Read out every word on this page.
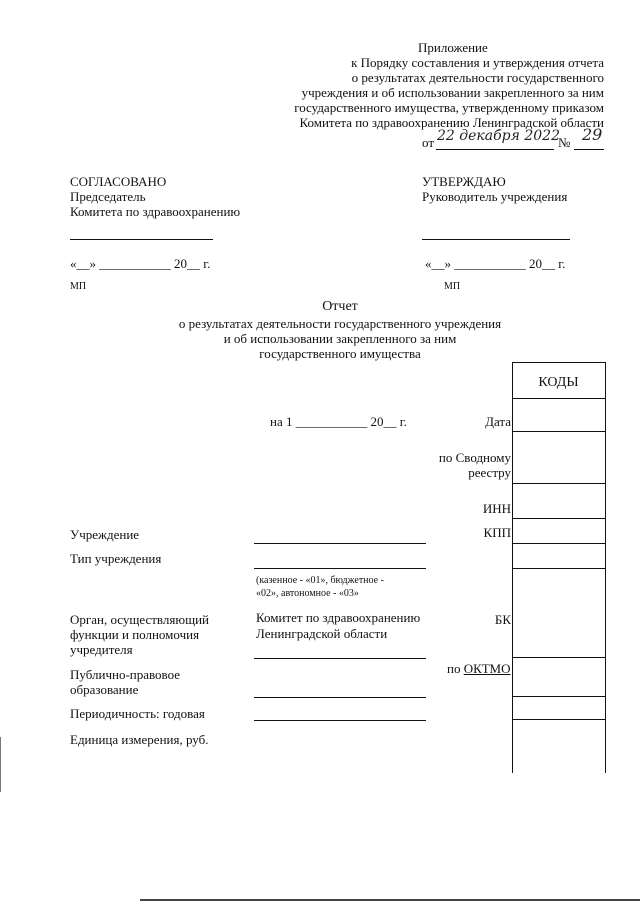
Приложение
к Порядку составления и утверждения отчета
о результатах деятельности государственного
учреждения и об использовании закрепленного за ним
государственного имущества, утвержденному приказом
Комитета по здравоохранению Ленинградской области
от 22 декабря 2022
№ 29
СОГЛАСОВАНО
Председатель
Комитета по здравоохранению
«__» ___________ 20__ г.
МП
УТВЕРЖДАЮ
Руководитель учреждения
«__» ___________ 20__ г.
МП
Отчет
о результатах деятельности государственного учреждения
и об использовании закрепленного за ним
государственного имущества
на 1 ___________ 20__ г.
КОДЫ
Дата
по Сводному
реестру
ИНН
КПП
БК
по ОКТМО
Учреждение
Тип учреждения
(казенное - «01», бюджетное -
«02», автономное - «03»
Орган, осуществляющий
функции и полномочия
учредителя
Комитет по здравоохранению
Ленинградской области
Публично-правовое
образование
Периодичность: годовая
Единица измерения, руб.
